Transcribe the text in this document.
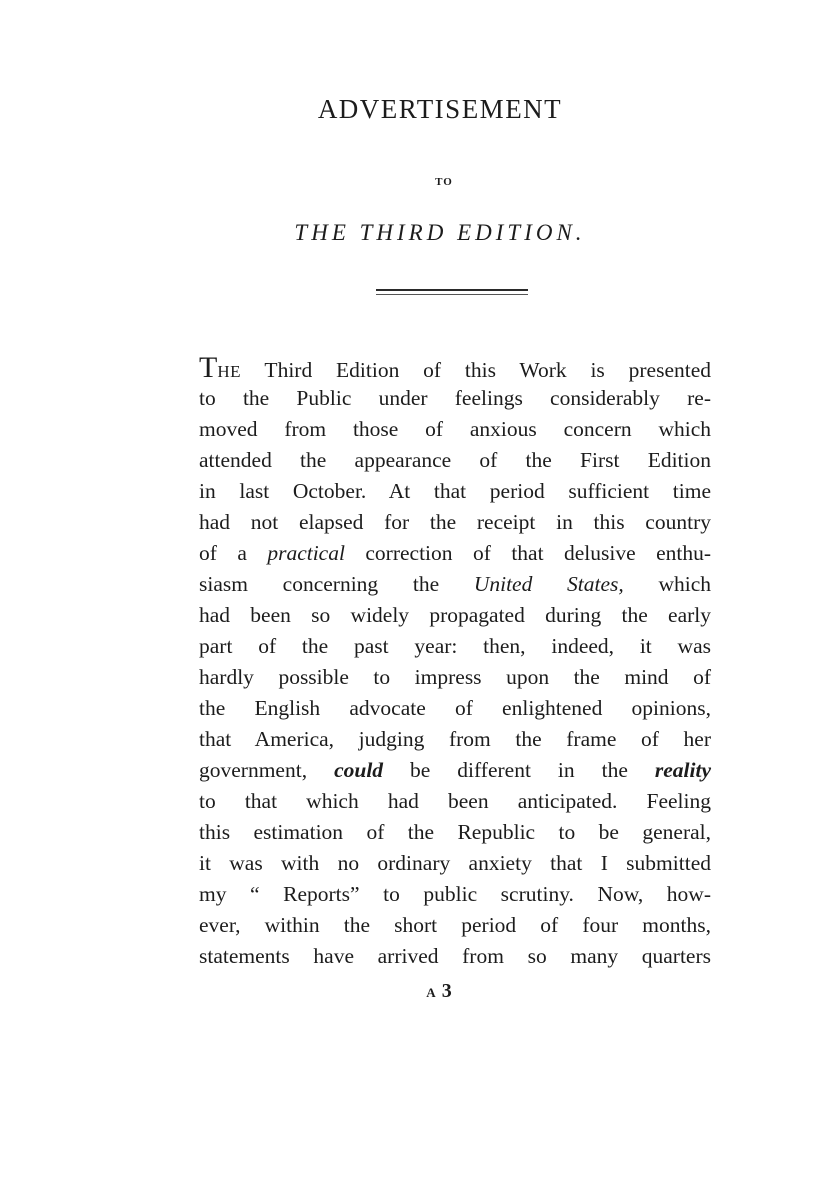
ADVERTISEMENT
TO
THE THIRD EDITION.
THE Third Edition of this Work is presented
to the Public under feelings considerably re-
moved from those of anxious concern which
attended the appearance of the First Edition
in last October. At that period sufficient time
had not elapsed for the receipt in this country
of a practical correction of that delusive enthu-
siasm concerning the United States, which
had been so widely propagated during the early
part of the past year: then, indeed, it was
hardly possible to impress upon the mind of
the English advocate of enlightened opinions,
that America, judging from the frame of her
government, could be different in the reality
to that which had been anticipated. Feeling
this estimation of the Republic to be general,
it was with no ordinary anxiety that I submitted
my “ Reports” to public scrutiny. Now, how-
ever, within the short period of four months,
statements have arrived from so many quarters
A 3
